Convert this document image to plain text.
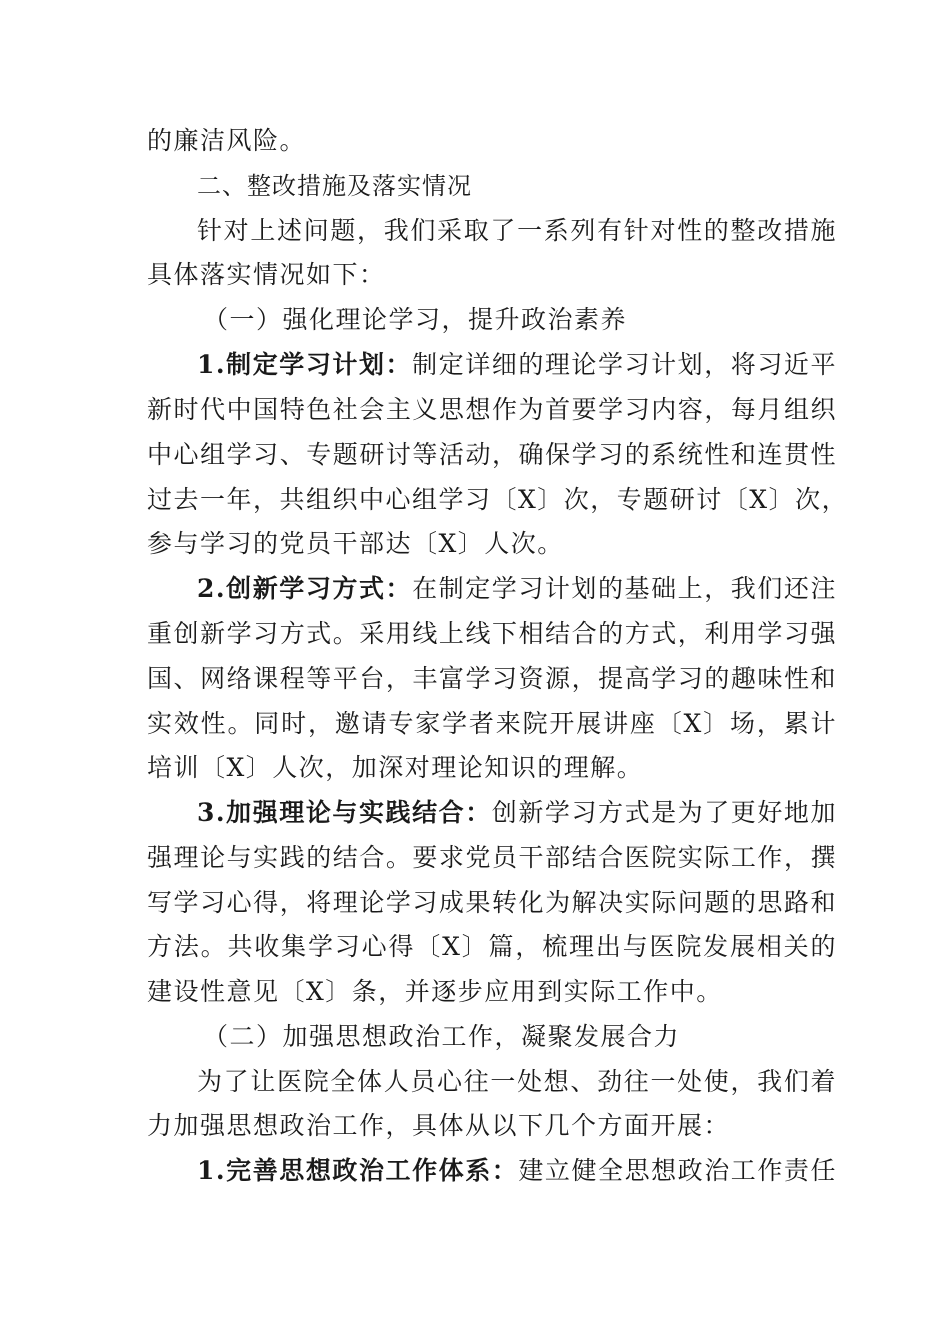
的廉洁风险。
二、整改措施及落实情况
针对上述问题，我们采取了一系列有针对性的整改措施
具体落实情况如下：
（一）强化理论学习，提升政治素养
1.制定学习计划：制定详细的理论学习计划，将习近平
新时代中国特色社会主义思想作为首要学习内容，每月组织
中心组学习、专题研讨等活动，确保学习的系统性和连贯性
过去一年，共组织中心组学习〔X〕次，专题研讨〔X〕次，
参与学习的党员干部达〔X〕人次。
2.创新学习方式：在制定学习计划的基础上，我们还注
重创新学习方式。采用线上线下相结合的方式，利用学习强
国、网络课程等平台，丰富学习资源，提高学习的趣味性和
实效性。同时，邀请专家学者来院开展讲座〔X〕场，累计
培训〔X〕人次，加深对理论知识的理解。
3.加强理论与实践结合：创新学习方式是为了更好地加
强理论与实践的结合。要求党员干部结合医院实际工作，撰
写学习心得，将理论学习成果转化为解决实际问题的思路和
方法。共收集学习心得〔X〕篇，梳理出与医院发展相关的
建设性意见〔X〕条，并逐步应用到实际工作中。
（二）加强思想政治工作，凝聚发展合力
为了让医院全体人员心往一处想、劲往一处使，我们着
力加强思想政治工作，具体从以下几个方面开展：
1.完善思想政治工作体系：建立健全思想政治工作责任
